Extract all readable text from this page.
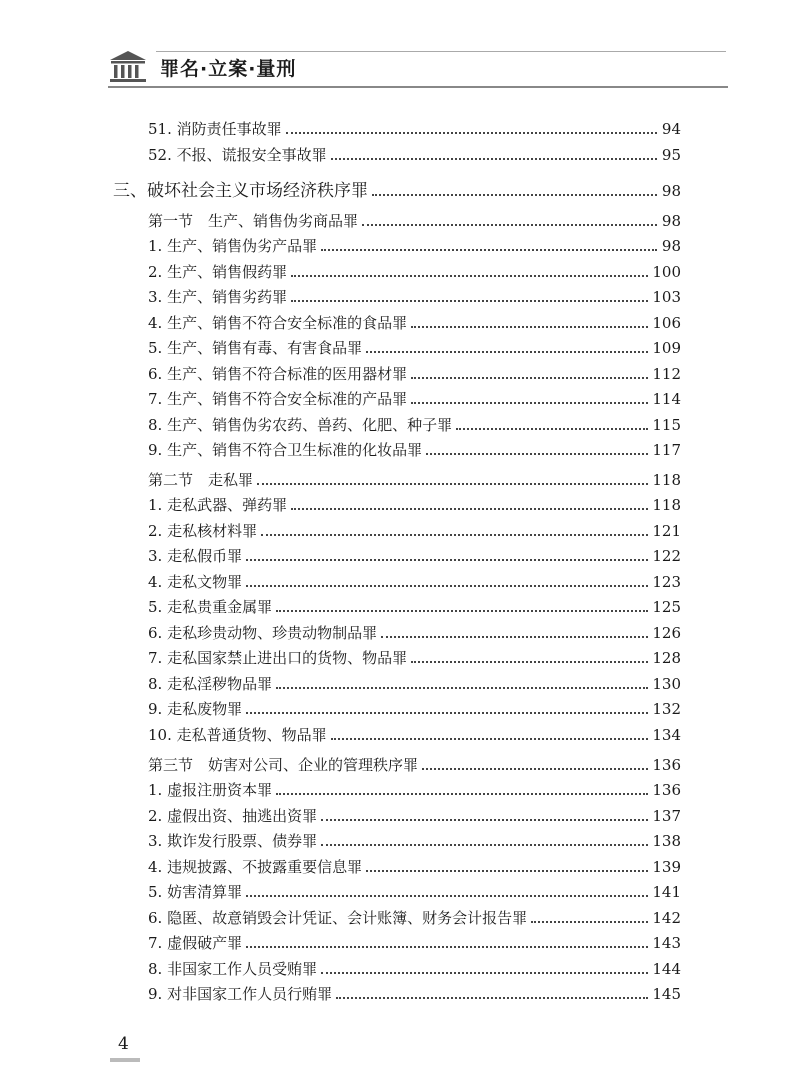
罪名·立案·量刑
51. 消防责任事故罪	94
52. 不报、谎报安全事故罪	95
三、破坏社会主义市场经济秩序罪	98
第一节　生产、销售伪劣商品罪	98
1. 生产、销售伪劣产品罪	98
2. 生产、销售假药罪	100
3. 生产、销售劣药罪	103
4. 生产、销售不符合安全标准的食品罪	106
5. 生产、销售有毒、有害食品罪	109
6. 生产、销售不符合标准的医用器材罪	112
7. 生产、销售不符合安全标准的产品罪	114
8. 生产、销售伪劣农药、兽药、化肥、种子罪	115
9. 生产、销售不符合卫生标准的化妆品罪	117
第二节　走私罪	118
1. 走私武器、弹药罪	118
2. 走私核材料罪	121
3. 走私假币罪	122
4. 走私文物罪	123
5. 走私贵重金属罪	125
6. 走私珍贵动物、珍贵动物制品罪	126
7. 走私国家禁止进出口的货物、物品罪	128
8. 走私淫秽物品罪	130
9. 走私废物罪	132
10. 走私普通货物、物品罪	134
第三节　妨害对公司、企业的管理秩序罪	136
1. 虚报注册资本罪	136
2. 虚假出资、抽逃出资罪	137
3. 欺诈发行股票、债券罪	138
4. 违规披露、不披露重要信息罪	139
5. 妨害清算罪	141
6. 隐匿、故意销毁会计凭证、会计账簿、财务会计报告罪	142
7. 虚假破产罪	143
8. 非国家工作人员受贿罪	144
9. 对非国家工作人员行贿罪	145
4
